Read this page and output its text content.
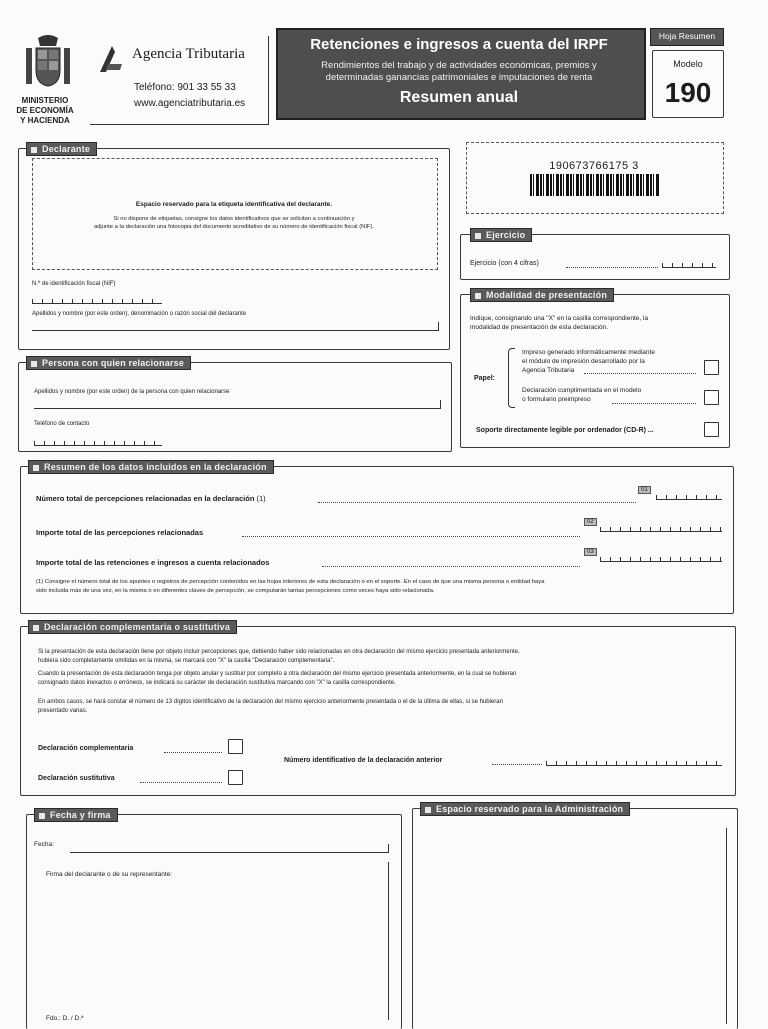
MINISTERIO
DE ECONOMÍA
Y HACIENDA
Agencia Tributaria
Teléfono: 901 33 55 33
www.agenciatributaria.es
Retenciones e ingresos a cuenta del IRPF
Rendimientos del trabajo y de actividades económicas, premios y
determinadas ganancias patrimoniales e imputaciones de renta
Resumen anual
Hoja Resumen
Modelo
190
Declarante
Espacio reservado para la etiqueta identificativa del declarante.
Si no dispone de etiquetas, consigne los datos identificativos que se solicitan a continuación y
adjunte a la declaración una fotocopia del documento acreditativo de su número de identificación fiscal (NIF).
N.º de identificación fiscal (NIF)
Apellidos y nombre (por este orden), denominación o razón social del declarante
190673766175 3
Ejercicio
Ejercicio (con 4 cifras)
Modalidad de presentación
Indique, consignando una "X" en la casilla correspondiente, la
modalidad de presentación de esta declaración.
Papel:
Impreso generado informáticamente mediante
el módulo de impresión desarrollado por la
Agencia Tributaria
Declaración cumplimentada en el modelo
o formulario preimpreso
Soporte directamente legible por ordenador (CD-R) ...
Persona con quien relacionarse
Apellidos y nombre (por este orden) de la persona con quien relacionarse
Teléfono de contacto
Resumen de los datos incluidos en la declaración
Número total de percepciones relacionadas en la declaración (1)
01
Importe total de las percepciones relacionadas
02
Importe total de las retenciones e ingresos a cuenta relacionados
03
(1) Consigne el número total de los apuntes o registros de percepción contenidos en las hojas interiores de esta declaración o en el soporte. En el caso de que una misma persona o entidad haya
sido incluida más de una vez, en la misma o en diferentes claves de percepción, se computarán tantas percepciones como veces haya sido relacionada.
Declaración complementaria o sustitutiva
Si la presentación de esta declaración tiene por objeto incluir percepciones que, debiendo haber sido relacionadas en otra declaración del mismo ejercicio presentada anteriormente,
hubiera sido completamente omitidas en la misma, se marcará con "X" la casilla "Declaración complementaria".
Cuando la presentación de esta declaración tenga por objeto anular y sustituir por completo a otra declaración del mismo ejercicio presentada anteriormente, en la cual se hubieran
consignado datos inexactos o erróneos, se indicará su carácter de declaración sustitutiva marcando con "X" la casilla correspondiente.
En ambos casos, se hará constar el número de 13 dígitos identificativo de la declaración del mismo ejercicio anteriormente presentada o el de la última de ellas, si se hubieran
presentado varias.
Declaración complementaria
Declaración sustitutiva
Número identificativo de la declaración anterior
Fecha y firma
Fecha:
Firma del declarante o de su representante:
Fdo.: D. / D.ª
Espacio reservado para la Administración
